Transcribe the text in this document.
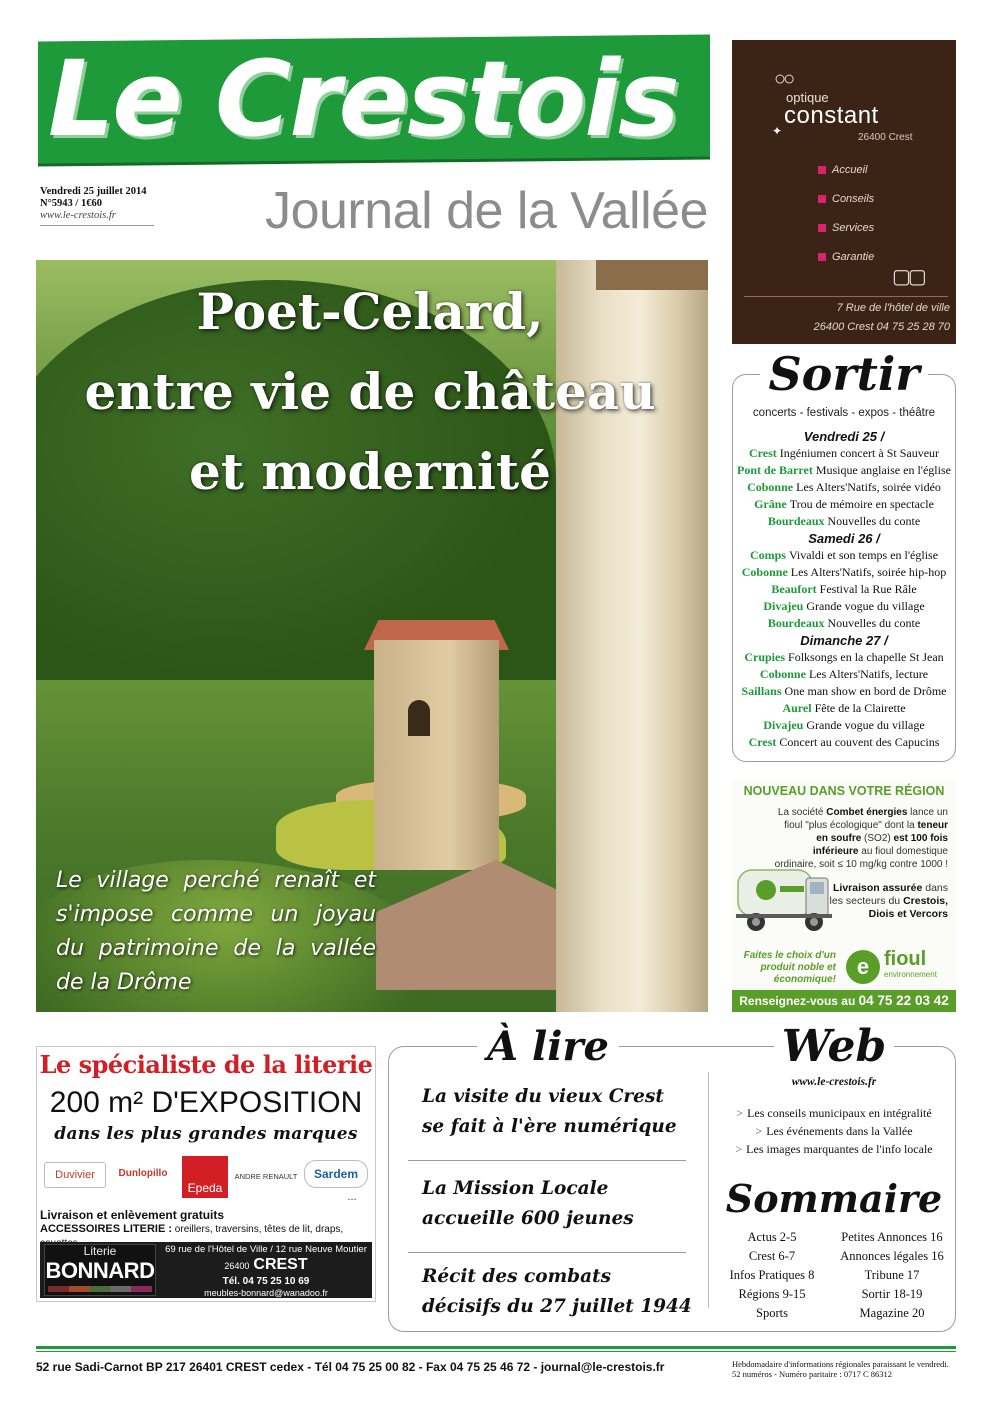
Le Crestois
Journal de la Vallée
Vendredi 25 juillet 2014
N°5943 / 1€60
www.le-crestois.fr
Poet-Celard,
entre vie de château
et modernité
Le village perché renaît et s'impose comme un joyau du patrimoine de la vallée de la Drôme
○○
▢▢
optique
constant
26400 Crest
✦
Accueil
Conseils
Services
Garantie
7 Rue de l'hôtel de ville
26400 Crest 04 75 25 28 70
Sortir
concerts - festivals - expos - théâtre
Vendredi 25 /
Crest Ingéniumen concert à St Sauveur
Pont de Barret Musique anglaise en l'église
Cobonne Les Alters'Natifs, soirée vidéo
Grâne Trou de mémoire en spectacle
Bourdeaux Nouvelles du conte
Samedi 26 /
Comps Vivaldi et son temps en l'église
Cobonne Les Alters'Natifs, soirée hip-hop
Beaufort Festival la Rue Râle
Divajeu Grande vogue du village
Bourdeaux Nouvelles du conte
Dimanche 27 /
Crupies Folksongs en la chapelle St Jean
Cobonne Les Alters'Natifs, lecture
Saillans One man show en bord de Drôme
Aurel Fête de la Clairette
Divajeu Grande vogue du village
Crest Concert au couvent des Capucins
NOUVEAU DANS VOTRE RÉGION
La société Combet énergies lance un fioul "plus écologique" dont la teneur en soufre (SO2) est 100 fois inférieure au fioul domestique ordinaire, soit ≤ 10 mg/kg contre 1000 !
Livraison assurée dans les secteurs du Crestois, Diois et Vercors
Faites le choix d'un produit noble et économique!
e fioul
environnement
Renseignez-vous au 04 75 22 03 42
Le spécialiste de la literie
200 m² D'EXPOSITION
dans les plus grandes marques
Duvivier	Dunlopillo
Epeda
ANDRE RENAULT	Sardem
...
Livraison et enlèvement gratuits
ACCESSOIRES LITERIE : oreillers, traversins, têtes de lit, draps,
Literie
BONNARD
69 rue de l'Hôtel de Ville / 12 rue Neuve Moutier
26400 CREST
Tél. 04 75 25 10 69
meubles-bonnard@wanadoo.fr
À lire
La visite du vieux Crest se fait à l'ère numérique
La Mission Locale accueille 600 jeunes
Récit des combats décisifs du 27 juillet 1944
Web
www.le-crestois.fr
> Les conseils municipaux en intégralité
> Les événements dans la Vallée
> Les images marquantes de l'info locale
Sommaire
Actus 2-5
Crest 6-7
Infos Pratiques 8
Régions 9-15
Sports
Petites Annonces 16
Annonces légales 16
Tribune 17
Sortir 18-19
Magazine 20
52 rue Sadi-Carnot BP 217 26401 CREST cedex - Tél 04 75 25 00 82 - Fax 04 75 25 46 72 - journal@le-crestois.fr	Hebdomadaire d'informations régionales paraissant le vendredi.
52 numéros - Numéro paritaire : 0717 C 86312
